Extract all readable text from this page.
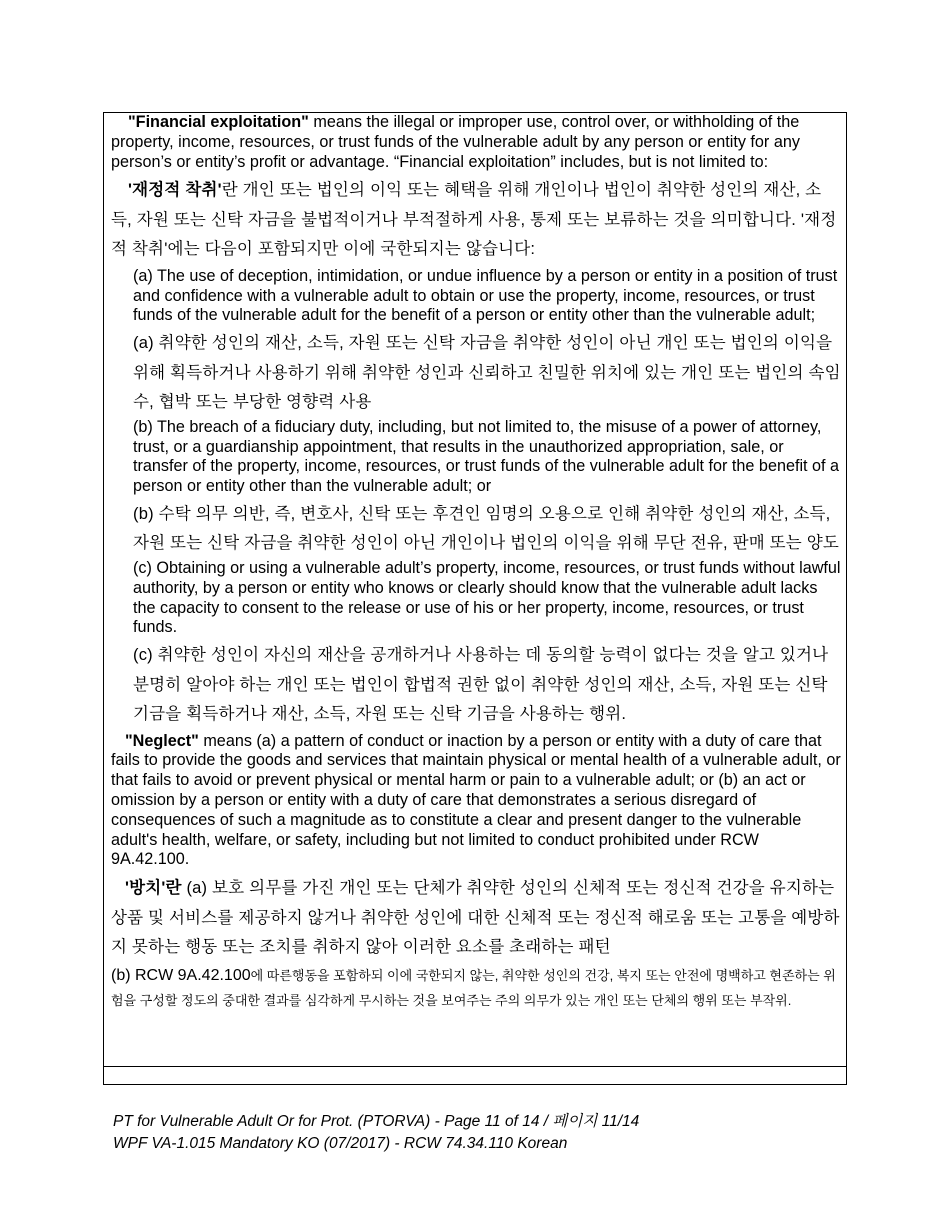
"Financial exploitation" means the illegal or improper use, control over, or withholding of the property, income, resources, or trust funds of the vulnerable adult by any person or entity for any person’s or entity’s profit or advantage. “Financial exploitation” includes, but is not limited to:

'재정적 착취'란 개인 또는 법인의 이익 또는 혜택을 위해 개인이나 법인이 취약한 성인의 재산, 소득, 자원 또는 신탁 자금을 불법적이거나 부적절하게 사용, 통제 또는 보류하는 것을 의미합니다. '재정적 착취'에는 다음이 포함되지만 이에 국한되지는 않습니다:

(a) The use of deception, intimidation, or undue influence by a person or entity in a position of trust and confidence with a vulnerable adult to obtain or use the property, income, resources, or trust funds of the vulnerable adult for the benefit of a person or entity other than the vulnerable adult;

(a) 취약한 성인의 재산, 소득, 자원 또는 신탁 자금을 취약한 성인이 아닌 개인 또는 법인의 이익을 위해 획득하거나 사용하기 위해 취약한 성인과 신뢰하고 친밀한 위치에 있는 개인 또는 법인의 속임수, 협박 또는 부당한 영향력 사용

(b) The breach of a fiduciary duty, including, but not limited to, the misuse of a power of attorney, trust, or a guardianship appointment, that results in the unauthorized appropriation, sale, or transfer of the property, income, resources, or trust funds of the vulnerable adult for the benefit of a person or entity other than the vulnerable adult; or

(b) 수탁 의무 의반, 즉, 변호사, 신탁 또는 후견인 임명의 오용으로 인해 취약한 성인의 재산, 소득, 자원 또는 신탁 자금을 취약한 성인이 아닌 개인이나 법인의 이익을 위해 무단 전유, 판매 또는 양도

(c) Obtaining or using a vulnerable adult’s property, income, resources, or trust funds without lawful authority, by a person or entity who knows or clearly should know that the vulnerable adult lacks the capacity to consent to the release or use of his or her property, income, resources, or trust funds.

(c) 취약한 성인이 자신의 재산을 공개하거나 사용하는 데 동의할 능력이 없다는 것을 알고 있거나 분명히 알아야 하는 개인 또는 법인이 합법적 권한 없이 취약한 성인의 재산, 소득, 자원 또는 신탁 기금을 획득하거나 재산, 소득, 자원 또는 신탁 기금을 사용하는 행위.

"Neglect" means (a) a pattern of conduct or inaction by a person or entity with a duty of care that fails to provide the goods and services that maintain physical or mental health of a vulnerable adult, or that fails to avoid or prevent physical or mental harm or pain to a vulnerable adult; or (b) an act or omission by a person or entity with a duty of care that demonstrates a serious disregard of consequences of such a magnitude as to constitute a clear and present danger to the vulnerable adult's health, welfare, or safety, including but not limited to conduct prohibited under RCW 9A.42.100.

'방치'란 (a) 보호 의무를 가진 개인 또는 단체가 취약한 성인의 신체적 또는 정신적 건강을 유지하는 상품 및 서비스를 제공하지 않거나 취약한 성인에 대한 신체적 또는 정신적 해로움 또는 고통을 예방하지 못하는 행동 또는 조치를 취하지 않아 이러한 요소를 초래하는 패턴

(b) RCW 9A.42.100에 따른행동을 포함하되 이에 국한되지 않는, 취약한 성인의 건강, 복지 또는 안전에 명백하고 현존하는 위험을 구성할 정도의 중대한 결과를 심각하게 무시하는 것을 보여주는 주의 의무가 있는 개인 또는 단체의 행위 또는 부작위.

PT for Vulnerable Adult Or for Prot. (PTORVA) - Page 11 of 14 / 페이지 11/14
WPF VA-1.015 Mandatory KO (07/2017) - RCW 74.34.110 Korean
